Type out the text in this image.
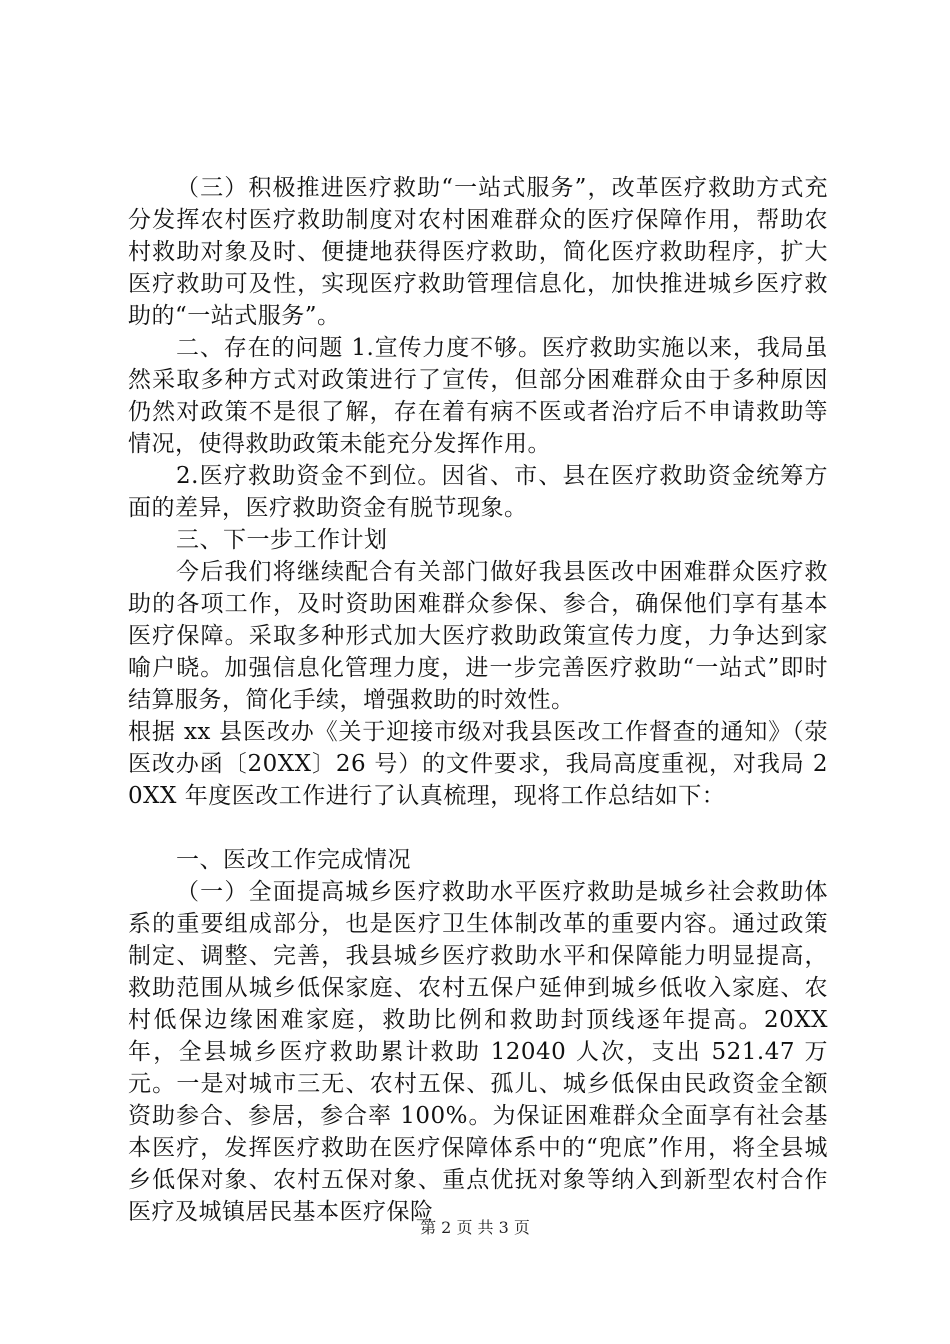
（三）积极推进医疗救助“一站式服务”，改革医疗救助方式充分发挥农村医疗救助制度对农村困难群众的医疗保障作用，帮助农村救助对象及时、便捷地获得医疗救助，简化医疗救助程序，扩大医疗救助可及性，实现医疗救助管理信息化，加快推进城乡医疗救助的“一站式服务”。

二、存在的问题 1.宣传力度不够。医疗救助实施以来，我局虽然采取多种方式对政策进行了宣传，但部分困难群众由于多种原因仍然对政策不是很了解，存在着有病不医或者治疗后不申请救助等情况，使得救助政策未能充分发挥作用。

2.医疗救助资金不到位。因省、市、县在医疗救助资金统筹方面的差异，医疗救助资金有脱节现象。

三、下一步工作计划

今后我们将继续配合有关部门做好我县医改中困难群众医疗救助的各项工作，及时资助困难群众参保、参合，确保他们享有基本医疗保障。采取多种形式加大医疗救助政策宣传力度，力争达到家喻户晓。加强信息化管理力度，进一步完善医疗救助“一站式”即时结算服务，简化手续，增强救助的时效性。

根据 xx 县医改办《关于迎接市级对我县医改工作督查的通知》（荥医改办函〔20XX〕26 号）的文件要求，我局高度重视，对我局 20XX 年度医改工作进行了认真梳理，现将工作总结如下：

一、医改工作完成情况

（一）全面提高城乡医疗救助水平医疗救助是城乡社会救助体系的重要组成部分，也是医疗卫生体制改革的重要内容。通过政策制定、调整、完善，我县城乡医疗救助水平和保障能力明显提高，救助范围从城乡低保家庭、农村五保户延伸到城乡低收入家庭、农村低保边缘困难家庭，救助比例和救助封顶线逐年提高。20XX 年，全县城乡医疗救助累计救助 12040 人次，支出 521.47 万元。一是对城市三无、农村五保、孤儿、城乡低保由民政资金全额资助参合、参居，参合率 100%。为保证困难群众全面享有社会基本医疗，发挥医疗救助在医疗保障体系中的“兜底”作用，将全县城乡低保对象、农村五保对象、重点优抚对象等纳入到新型农村合作医疗及城镇居民基本医疗保险

第 2 页 共 3 页
